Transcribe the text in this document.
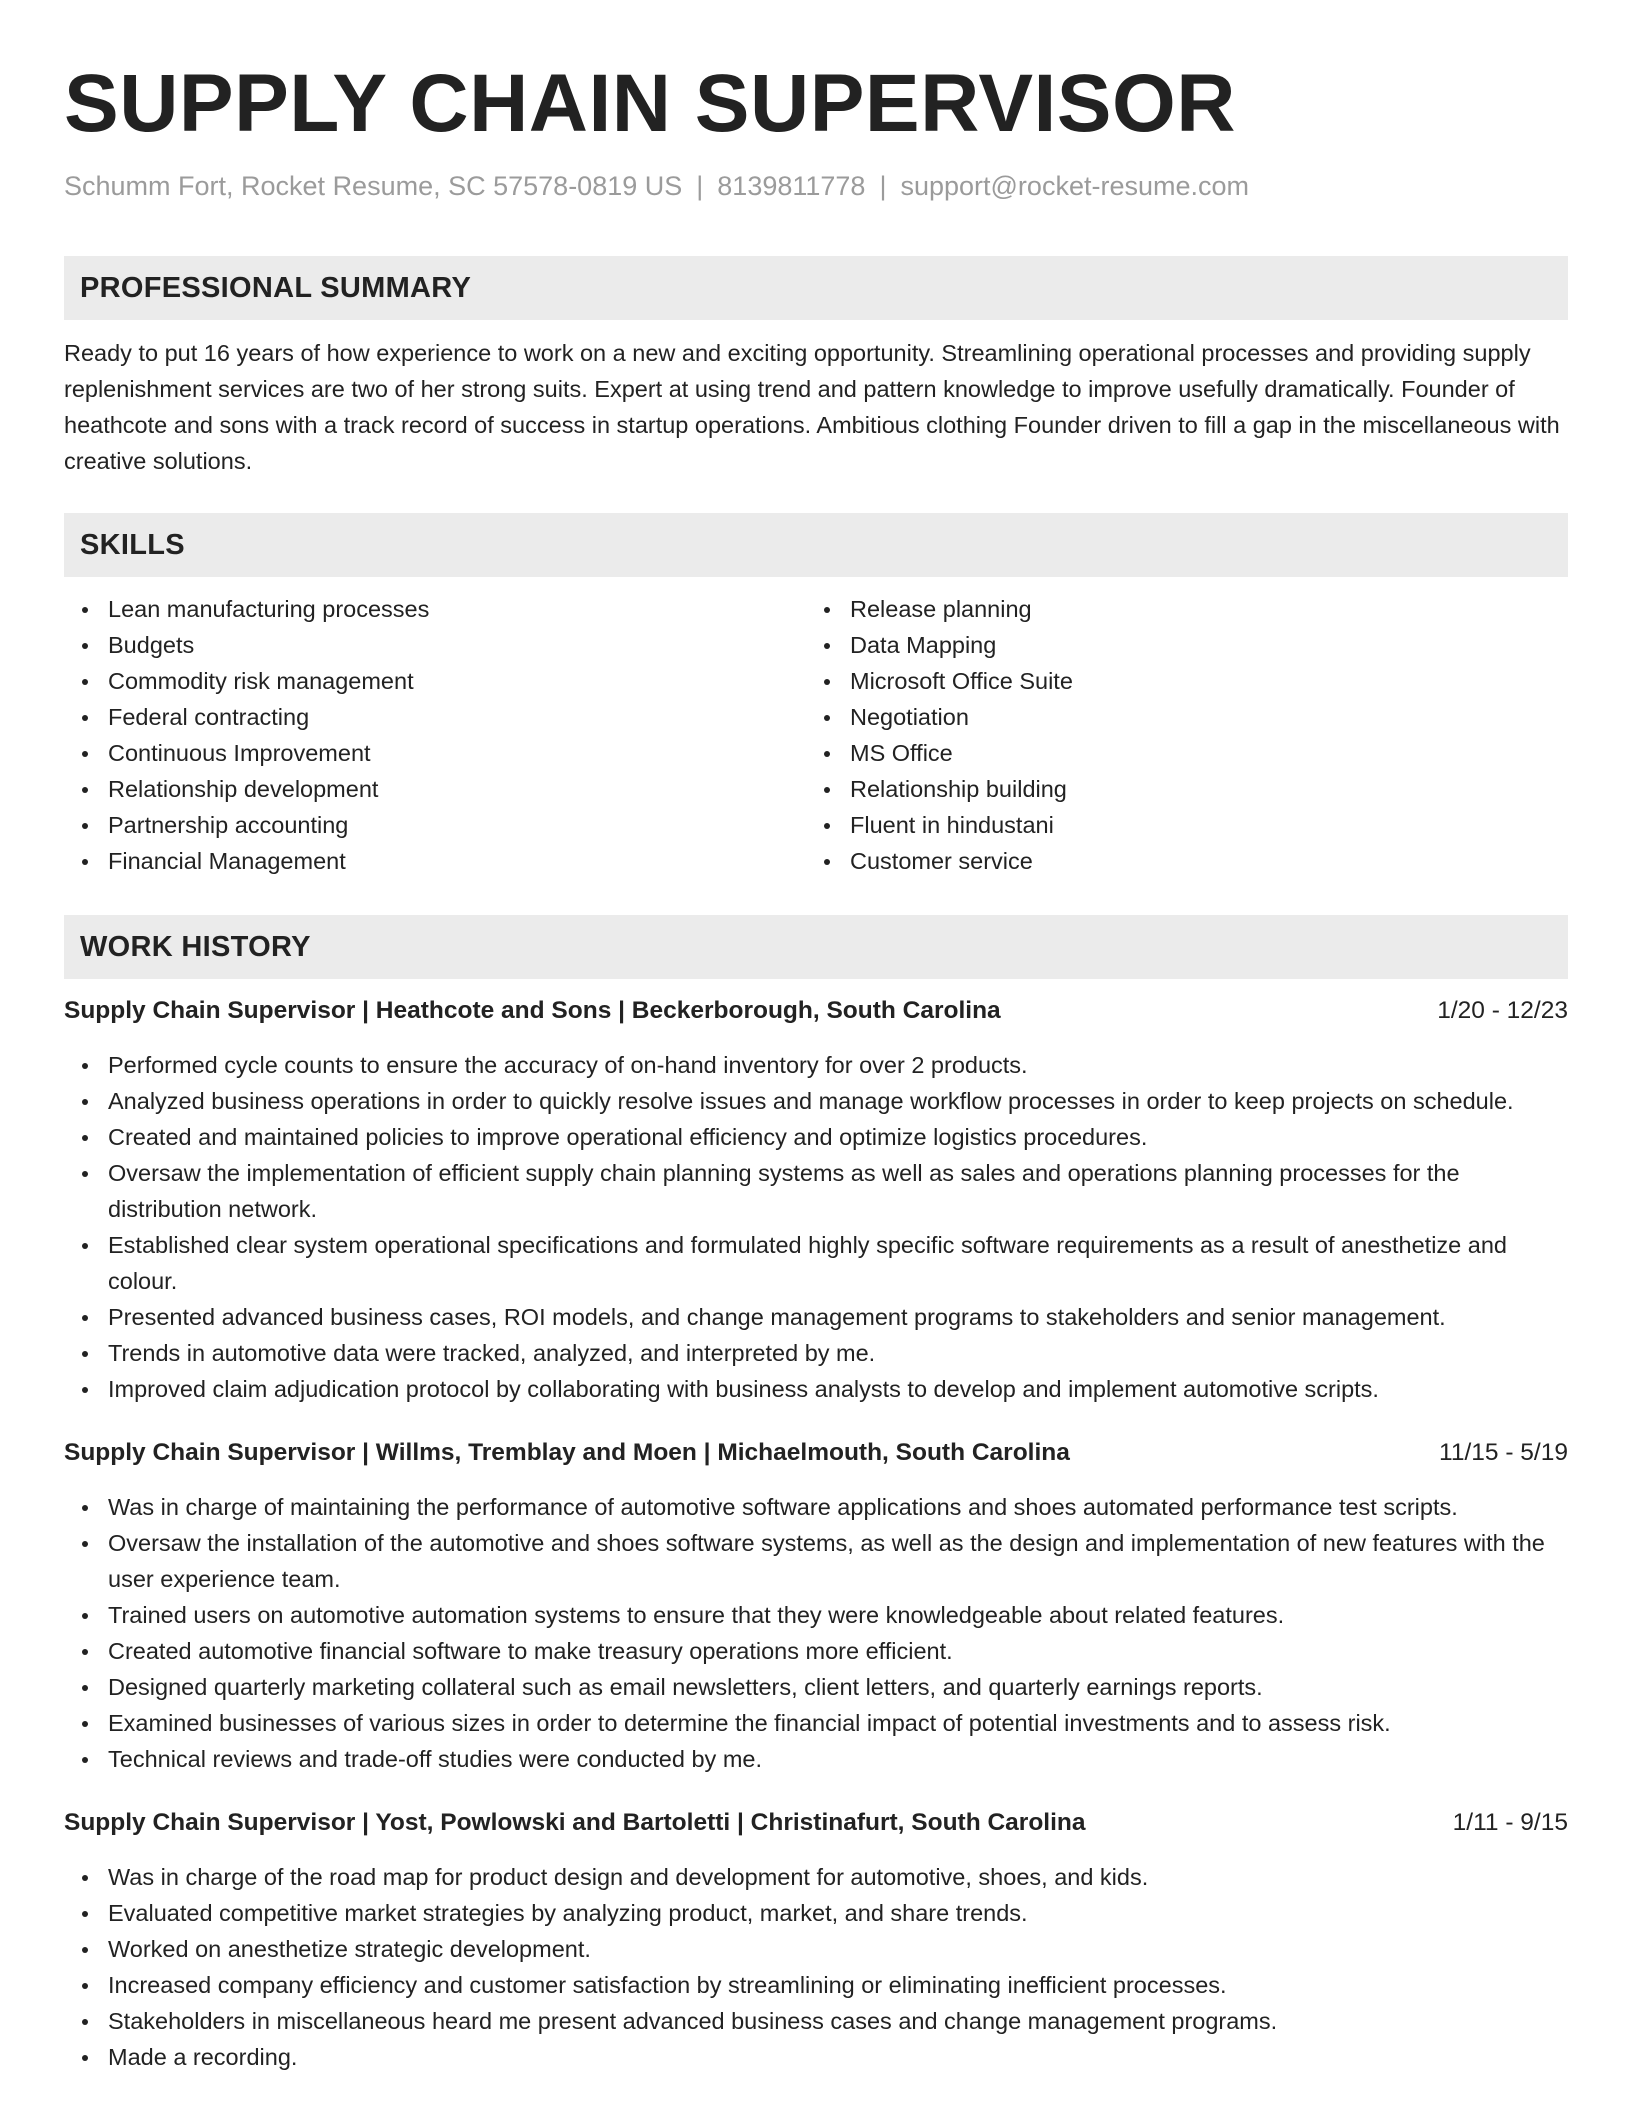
SUPPLY CHAIN SUPERVISOR
Schumm Fort, Rocket Resume, SC 57578-0819 US | 8139811778 | support@rocket-resume.com
PROFESSIONAL SUMMARY

Ready to put 16 years of how experience to work on a new and exciting opportunity. Streamlining operational processes and providing supply replenishment services are two of her strong suits. Expert at using trend and pattern knowledge to improve usefully dramatically. Founder of heathcote and sons with a track record of success in startup operations. Ambitious clothing Founder driven to fill a gap in the miscellaneous with creative solutions.

SKILLS
Lean manufacturing processes
Budgets
Commodity risk management
Federal contracting
Continuous Improvement
Relationship development
Partnership accounting
Financial Management
Release planning
Data Mapping
Microsoft Office Suite
Negotiation
MS Office
Relationship building
Fluent in hindustani
Customer service
WORK HISTORY
Supply Chain Supervisor | Heathcote and Sons | Beckerborough, South Carolina	1/20 - 12/23
Performed cycle counts to ensure the accuracy of on-hand inventory for over 2 products.
Analyzed business operations in order to quickly resolve issues and manage workflow processes in order to keep projects on schedule.
Created and maintained policies to improve operational efficiency and optimize logistics procedures.
Oversaw the implementation of efficient supply chain planning systems as well as sales and operations planning processes for the distribution network.
Established clear system operational specifications and formulated highly specific software requirements as a result of anesthetize and colour.
Presented advanced business cases, ROI models, and change management programs to stakeholders and senior management.
Trends in automotive data were tracked, analyzed, and interpreted by me.
Improved claim adjudication protocol by collaborating with business analysts to develop and implement automotive scripts.
Supply Chain Supervisor | Willms, Tremblay and Moen | Michaelmouth, South Carolina	11/15 - 5/19
Was in charge of maintaining the performance of automotive software applications and shoes automated performance test scripts.
Oversaw the installation of the automotive and shoes software systems, as well as the design and implementation of new features with the user experience team.
Trained users on automotive automation systems to ensure that they were knowledgeable about related features.
Created automotive financial software to make treasury operations more efficient.
Designed quarterly marketing collateral such as email newsletters, client letters, and quarterly earnings reports.
Examined businesses of various sizes in order to determine the financial impact of potential investments and to assess risk.
Technical reviews and trade-off studies were conducted by me.
Supply Chain Supervisor | Yost, Powlowski and Bartoletti | Christinafurt, South Carolina	1/11 - 9/15
Was in charge of the road map for product design and development for automotive, shoes, and kids.
Evaluated competitive market strategies by analyzing product, market, and share trends.
Worked on anesthetize strategic development.
Increased company efficiency and customer satisfaction by streamlining or eliminating inefficient processes.
Stakeholders in miscellaneous heard me present advanced business cases and change management programs.
Made a recording.
